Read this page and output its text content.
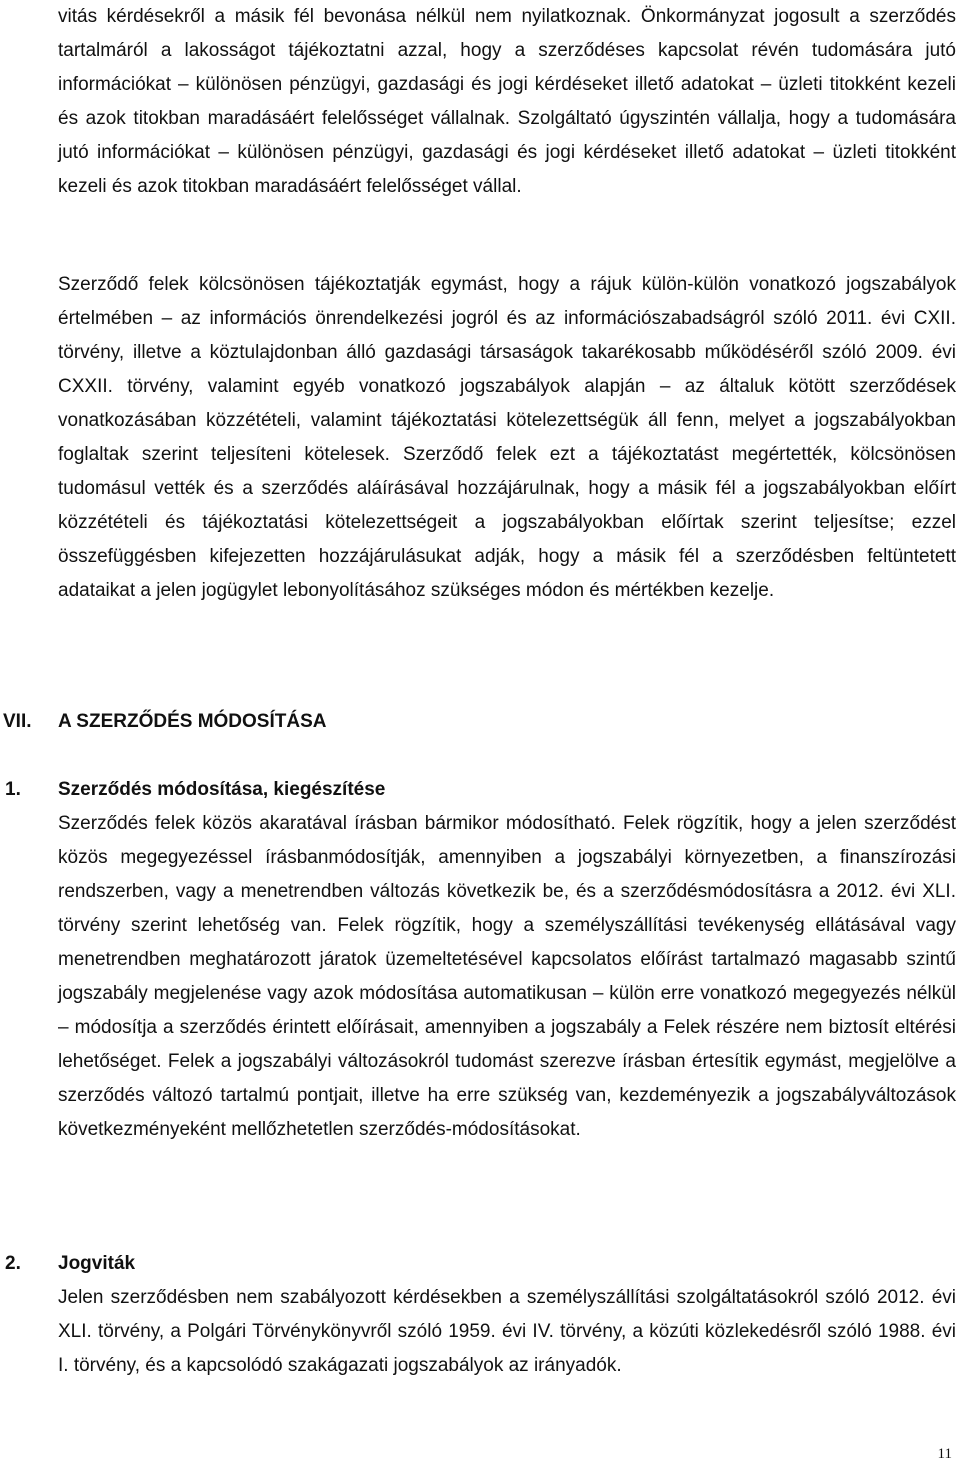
vitás kérdésekről a másik fél bevonása nélkül nem nyilatkoznak. Önkormányzat jogosult a szerződés tartalmáról a lakosságot tájékoztatni azzal, hogy a szerződéses kapcsolat révén tudomására jutó információkat – különösen pénzügyi, gazdasági és jogi kérdéseket illető adatokat – üzleti titokként kezeli és azok titokban maradásáért felelősséget vállalnak. Szolgáltató úgyszintén vállalja, hogy a tudomására jutó információkat – különösen pénzügyi, gazdasági és jogi kérdéseket illető adatokat – üzleti titokként kezeli és azok titokban maradásáért felelősséget vállal.

Szerződő felek kölcsönösen tájékoztatják egymást, hogy a rájuk külön-külön vonatkozó jogszabályok értelmében – az információs önrendelkezési jogról és az információszabadságról szóló 2011. évi CXII. törvény, illetve a köztulajdonban álló gazdasági társaságok takarékosabb működéséről szóló 2009. évi CXXII. törvény, valamint egyéb vonatkozó jogszabályok alapján – az általuk kötött szerződések vonatkozásában közzétételi, valamint tájékoztatási kötelezettségük áll fenn, melyet a jogszabályokban foglaltak szerint teljesíteni kötelesek. Szerződő felek ezt a tájékoztatást megértették, kölcsönösen tudomásul vették és a szerződés aláírásával hozzájárulnak, hogy a másik fél a jogszabályokban előírt közzétételi és tájékoztatási kötelezettségeit a jogszabályokban előírtak szerint teljesítse; ezzel összefüggésben kifejezetten hozzájárulásukat adják, hogy a másik fél a szerződésben feltüntetett adataikat a jelen jogügylet lebonyolításához szükséges módon és mértékben kezelje.

VII. A SZERZŐDÉS MÓDOSÍTÁSA
1. Szerződés módosítása, kiegészítése

Szerződés felek közös akaratával írásban bármikor módosítható. Felek rögzítik, hogy a jelen szerződést közös megegyezéssel írásbanmódosítják, amennyiben a jogszabályi környezetben, a finanszírozási rendszerben, vagy a menetrendben változás következik be, és a szerződésmódosításra a 2012. évi XLI. törvény szerint lehetőség van. Felek rögzítik, hogy a személyszállítási tevékenység ellátásával vagy menetrendben meghatározott járatok üzemeltetésével kapcsolatos előírást tartalmazó magasabb szintű jogszabály megjelenése vagy azok módosítása automatikusan – külön erre vonatkozó megegyezés nélkül – módosítja a szerződés érintett előírásait, amennyiben a jogszabály a Felek részére nem biztosít eltérési lehetőséget. Felek a jogszabályi változásokról tudomást szerezve írásban értesítik egymást, megjelölve a szerződés változó tartalmú pontjait, illetve ha erre szükség van, kezdeményezik a jogszabályváltozások következményeként mellőzhetetlen szerződés-módosításokat.

2. Jogviták

Jelen szerződésben nem szabályozott kérdésekben a személyszállítási szolgáltatásokról szóló 2012. évi XLI. törvény, a Polgári Törvénykönyvről szóló 1959. évi IV. törvény, a közúti közlekedésről szóló 1988. évi I. törvény, és a kapcsolódó szakágazati jogszabályok az irányadók.

11
